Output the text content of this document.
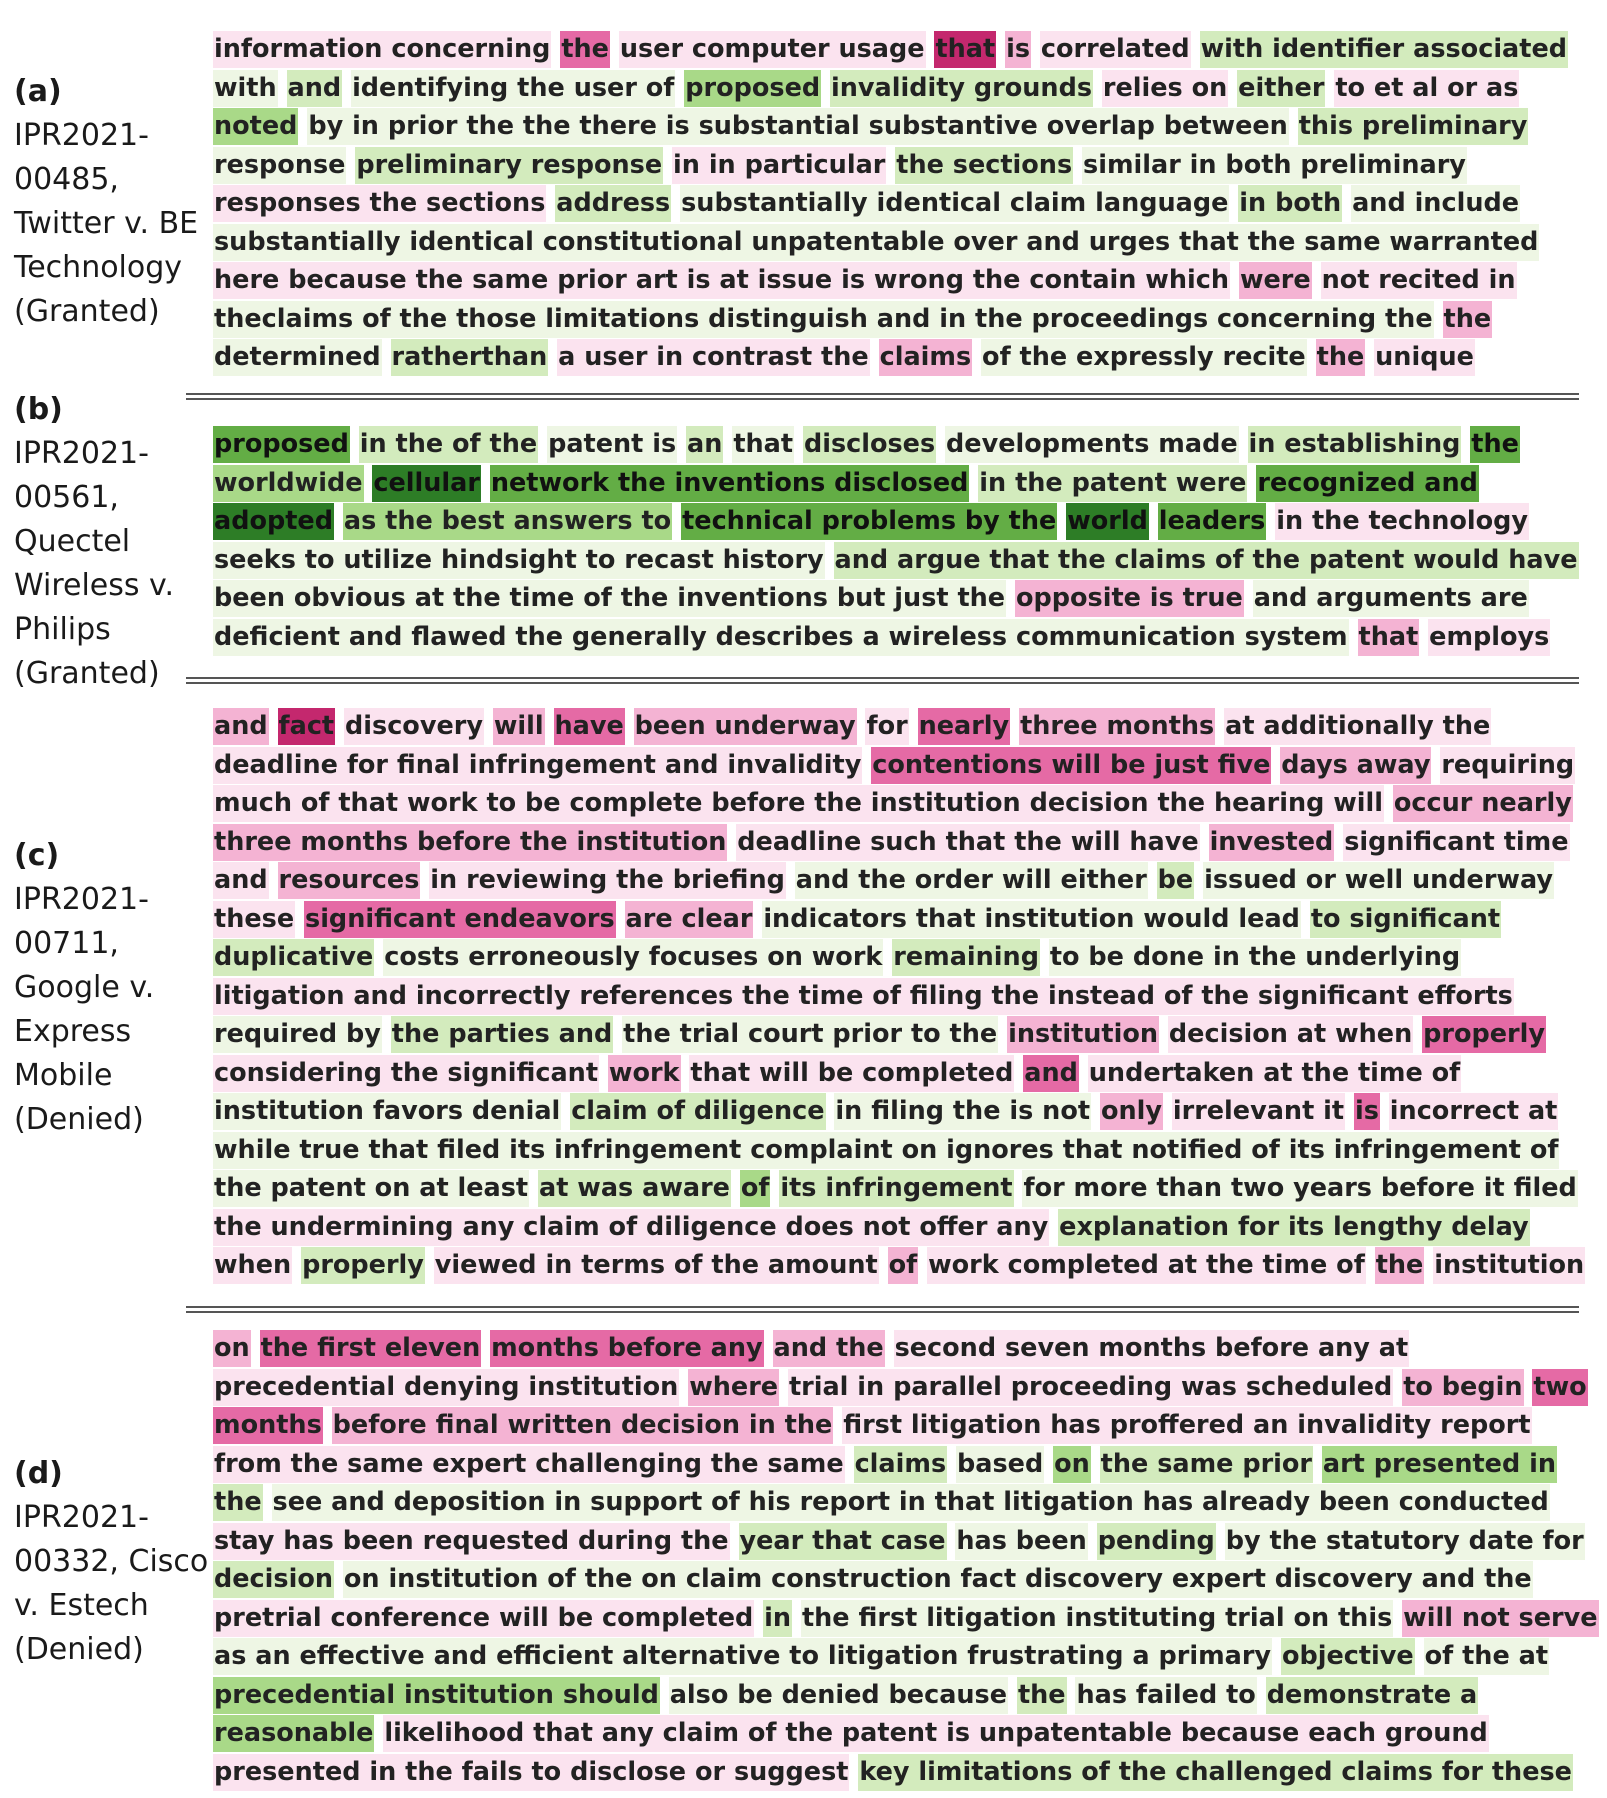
(a)
IPR2021-
00485,
Twitter v. BE
Technology
(Granted)
information concerning the user computer usage that is correlated with identifier associated
with and identifying the user of proposed invalidity grounds relies on either to et al or as
noted by in prior the the there is substantial substantive overlap between this preliminary
response preliminary response in in particular the sections similar in both preliminary
responses the sections address substantially identical claim language in both and include
substantially identical constitutional unpatentable over and urges that the same warranted
here because the same prior art is at issue is wrong the contain which were not recited in
theclaims of the those limitations distinguish and in the proceedings concerning the the
determined ratherthan a user in contrast the claims of the expressly recite the unique
(b)
IPR2021-
00561,
Quectel
Wireless v.
Philips
(Granted)
proposed in the of the patent is an that discloses developments made in establishing the
worldwide cellular network the inventions disclosed in the patent were recognized and
adopted as the best answers to technical problems by the world leaders in the technology
seeks to utilize hindsight to recast history and argue that the claims of the patent would have
been obvious at the time of the inventions but just the opposite is true and arguments are
deficient and flawed the generally describes a wireless communication system that employs
(c)
IPR2021-
00711,
Google v.
Express
Mobile
(Denied)
and fact discovery will have been underway for nearly three months at additionally the
deadline for final infringement and invalidity contentions will be just five days away requiring
much of that work to be complete before the institution decision the hearing will occur nearly
three months before the institution deadline such that the will have invested significant time
and resources in reviewing the briefing and the order will either be issued or well underway
these significant endeavors are clear indicators that institution would lead to significant
duplicative costs erroneously focuses on work remaining to be done in the underlying
litigation and incorrectly references the time of filing the instead of the significant efforts
required by the parties and the trial court prior to the institution decision at when properly
considering the significant work that will be completed and undertaken at the time of
institution favors denial claim of diligence in filing the is not only irrelevant it is incorrect at
while true that filed its infringement complaint on ignores that notified of its infringement of
the patent on at least at was aware of its infringement for more than two years before it filed
the undermining any claim of diligence does not offer any explanation for its lengthy delay
when properly viewed in terms of the amount of work completed at the time of the institution
(d)
IPR2021-
00332, Cisco
v. Estech
(Denied)
on the first eleven months before any and the second seven months before any at
precedential denying institution where trial in parallel proceeding was scheduled to begin two
months before final written decision in the first litigation has proffered an invalidity report
from the same expert challenging the same claims based on the same prior art presented in
the see and deposition in support of his report in that litigation has already been conducted
stay has been requested during the year that case has been pending by the statutory date for
decision on institution of the on claim construction fact discovery expert discovery and the
pretrial conference will be completed in the first litigation instituting trial on this will not serve
as an effective and efficient alternative to litigation frustrating a primary objective of the at
precedential institution should also be denied because the has failed to demonstrate a
reasonable likelihood that any claim of the patent is unpatentable because each ground
presented in the fails to disclose or suggest key limitations of the challenged claims for these
